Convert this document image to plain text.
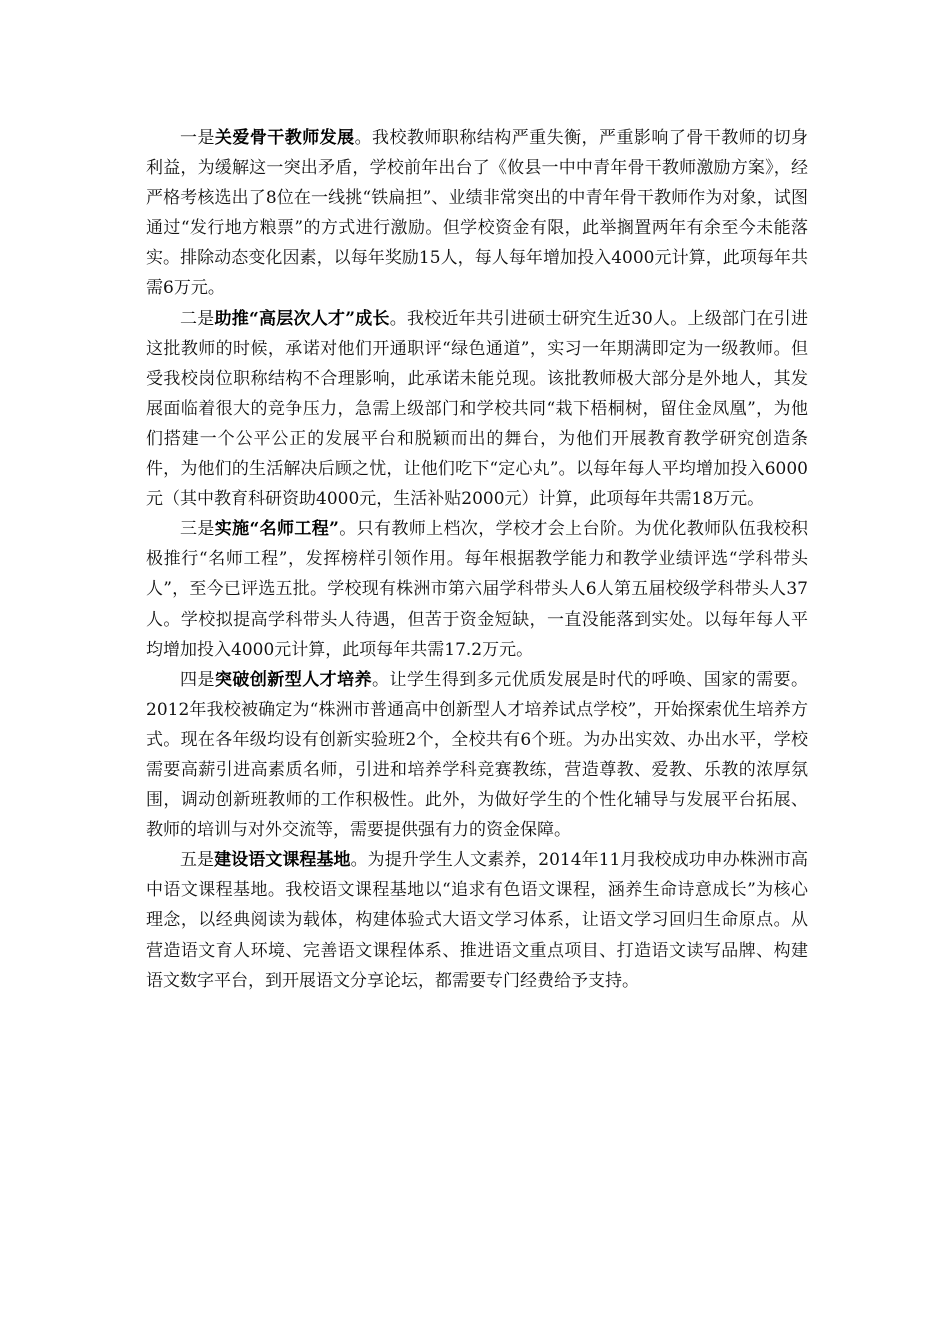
一是关爱骨干教师发展。我校教师职称结构严重失衡，严重影响了骨干教师的切身利益，为缓解这一突出矛盾，学校前年出台了《攸县一中中青年骨干教师激励方案》，经严格考核选出了8位在一线挑“铁扁担”、业绩非常突出的中青年骨干教师作为对象，试图通过“发行地方粮票”的方式进行激励。但学校资金有限，此举搁置两年有余至今未能落实。排除动态变化因素，以每年奖励15人，每人每年增加投入4000元计算，此项每年共需6万元。

二是助推“高层次人才”成长。我校近年共引进硕士研究生近30人。上级部门在引进这批教师的时候，承诺对他们开通职评“绿色通道”，实习一年期满即定为一级教师。但受我校岗位职称结构不合理影响，此承诺未能兑现。该批教师极大部分是外地人，其发展面临着很大的竞争压力，急需上级部门和学校共同“栽下梧桐树，留住金凤凰”，为他们搭建一个公平公正的发展平台和脱颖而出的舞台，为他们开展教育教学研究创造条件，为他们的生活解决后顾之忧，让他们吃下“定心丸”。以每年每人平均增加投入6000元（其中教育科研资助4000元，生活补贴2000元）计算，此项每年共需18万元。

三是实施“名师工程”。只有教师上档次，学校才会上台阶。为优化教师队伍我校积极推行“名师工程”，发挥榜样引领作用。每年根据教学能力和教学业绩评选“学科带头人”，至今已评选五批。学校现有株洲市第六届学科带头人6人第五届校级学科带头人37人。学校拟提高学科带头人待遇，但苦于资金短缺，一直没能落到实处。以每年每人平均增加投入4000元计算，此项每年共需17.2万元。

四是突破创新型人才培养。让学生得到多元优质发展是时代的呼唤、国家的需要。2012年我校被确定为“株洲市普通高中创新型人才培养试点学校”，开始探索优生培养方式。现在各年级均设有创新实验班2个，全校共有6个班。为办出实效、办出水平，学校需要高薪引进高素质名师，引进和培养学科竞赛教练，营造尊教、爱教、乐教的浓厚氛围，调动创新班教师的工作积极性。此外，为做好学生的个性化辅导与发展平台拓展、教师的培训与对外交流等，需要提供强有力的资金保障。

五是建设语文课程基地。为提升学生人文素养，2014年11月我校成功申办株洲市高中语文课程基地。我校语文课程基地以“追求有色语文课程，涵养生命诗意成长”为核心理念，以经典阅读为载体，构建体验式大语文学习体系，让语文学习回归生命原点。从营造语文育人环境、完善语文课程体系、推进语文重点项目、打造语文读写品牌、构建语文数字平台，到开展语文分享论坛，都需要专门经费给予支持。
